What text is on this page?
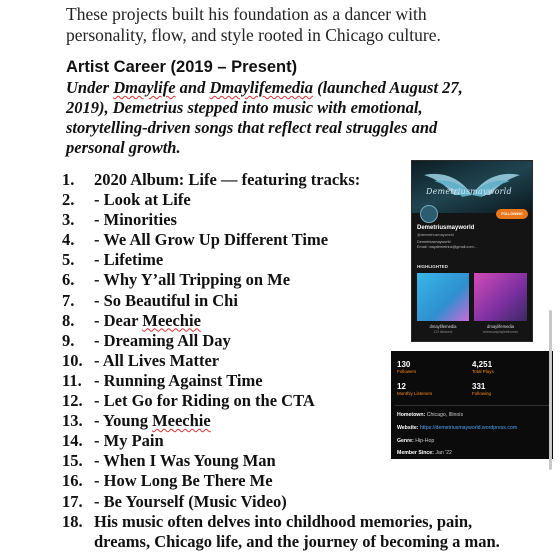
These projects built his foundation as a dancer with personality, flow, and style rooted in Chicago culture.

Artist Career (2019 – Present)

Under Dmaylife and Dmaylifemedia (launched August 27, 2019), Demetrius stepped into music with emotional, storytelling-driven songs that reflect real struggles and personal growth.

1.	2020 Album: Life — featuring tracks:
2.	- Look at Life
3.	- Minorities
4.	- We All Grow Up Different Time
5.	- Lifetime
6.	- Why Y’all Tripping on Me
7.	- So Beautiful in Chi
8.	- Dear Meechie
9.	- Dreaming All Day
10. - All Lives Matter
11. - Running Against Time
12. - Let Go for Riding on the CTA
13. - Young Meechie
14. - My Pain
15. - When I Was Young Man
16. - How Long Be There Me
17. - Be Yourself (Music Video)
18. His music often delves into childhood memories, pain, dreams, Chicago life, and the journey of becoming a man.
Demetriusmayworld
FOLLOWING
Demetriusmayworld
@demetriusmayworld
Demetriusmayworld
Email: maydemetrius@gmail.com...
HIGHLIGHTED
dmaylifemedia	dmaylifemedia
123 followers	wherecaniplayfeethomeo
130
Followers
4,251
Total Plays
12
Monthly Listeners
331
Following
Hometown: Chicago, Illinois
Website: https://demetriusmayworld.wordpress.com
Genre: Hip-Hop
Member Since: Jan '22
